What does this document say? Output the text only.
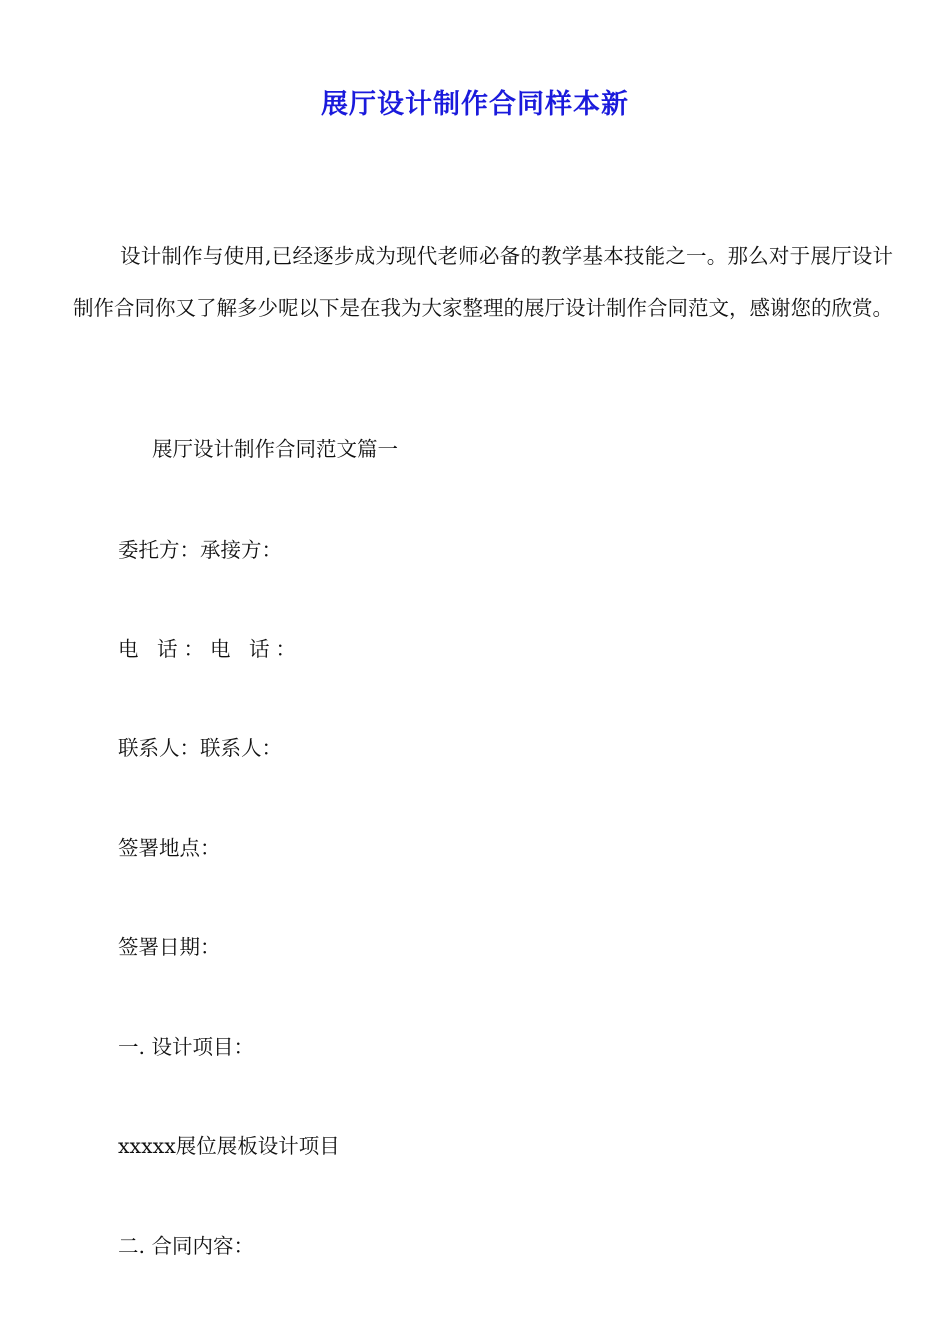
展厅设计制作合同样本新
设计制作与使用,已经逐步成为现代老师必备的教学基本技能之一。那么对于展厅设计制作合同你又了解多少呢以下是在我为大家整理的展厅设计制作合同范文，感谢您的欣赏。
展厅设计制作合同范文篇一
委托方：承接方：
电 话：电 话：
联系人：联系人：
签署地点：
签署日期：
一. 设计项目：
xxxxx展位展板设计项目
二. 合同内容：
